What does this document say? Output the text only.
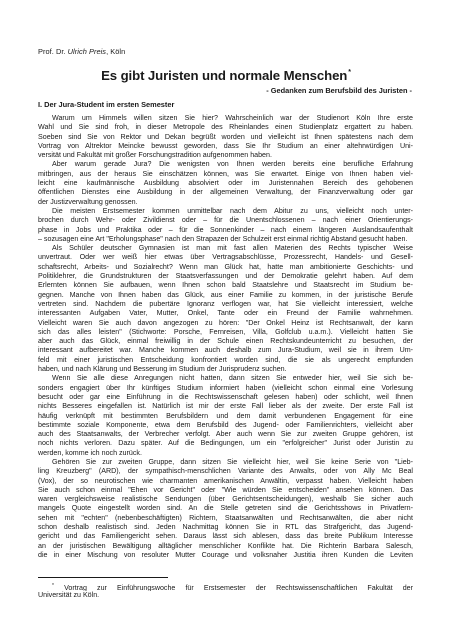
Prof. Dr. Ulrich Preis, Köln
Es gibt Juristen und normale Menschen*
- Gedanken zum Berufsbild des Juristen -
I. Der Jura-Student im ersten Semester
Warum um Himmels willen sitzen Sie hier? Wahrscheinlich war der Studienort Köln Ihre erste
Wahl und Sie sind froh, in dieser Metropole des Rheinlandes einen Studienplatz ergattert zu haben.
Soeben sind Sie von Rektor und Dekan begrüßt worden und vielleicht ist Ihnen spätestens nach dem
Vortrag von Altrektor Meincke bewusst geworden, dass Sie Ihr Studium an einer altehrwürdigen Uni-
versität und Fakultät mit großer Forschungstradition aufgenommen haben.
Aber warum gerade Jura? Die wenigsten von Ihnen werden bereits eine berufliche Erfahrung
mitbringen, aus der heraus Sie einschätzen können, was Sie erwartet. Einige von Ihnen haben viel-
leicht eine kaufmännische Ausbildung absolviert oder im Juristennahen Bereich des gehobenen
öffentlichen Dienstes eine Ausbildung in der allgemeinen Verwaltung, der Finanzverwaltung oder gar
der Justizverwaltung genossen.
Die meisten Erstsemester kommen unmittelbar nach dem Abitur zu uns, vielleicht noch unter-
brochen durch Wehr- oder Zivildienst oder – für die Unentschlossenen – nach einer Orientierungs-
phase in Jobs und Praktika oder – für die Sonnenkinder – nach einem längeren Auslandsaufenthalt
– sozusagen eine Art "Erholungsphase" nach den Strapazen der Schulzeit erst einmal richtig Abstand gesucht haben.
Als Schüler deutscher Gymnasien ist man mit fast allen Materien des Rechts typischer Weise
unvertraut. Oder wer weiß hier etwas über Vertragsabschlüsse, Prozessrecht, Handels- und Gesell-
schaftsrecht, Arbeits- und Sozialrecht? Wenn man Glück hat, hatte man ambitionierte Geschichts- und
Politiklehrer, die Grundstrukturen der Staatsverfassungen und der Demokratie gelehrt haben. Auf dem
Erlernten können Sie aufbauen, wenn Ihnen schon bald Staatslehre und Staatsrecht im Studium be-
gegnen. Manche von Ihnen haben das Glück, aus einer Familie zu kommen, in der juristische Berufe
vertreten sind. Nachdem die pubertäre Ignoranz verflogen war, hat Sie vielleicht interessiert, welche
interessanten Aufgaben Vater, Mutter, Onkel, Tante oder ein Freund der Familie wahrnehmen.
Vielleicht waren Sie auch davon angezogen zu hören: "Der Onkel Heinz ist Rechtsanwalt, der kann
sich das alles leisten" (Stichworte: Porsche, Fernreisen, Villa, Golfclub u.a.m.). Vielleicht hatten Sie
aber auch das Glück, einmal freiwillig in der Schule einen Rechtskundeunterricht zu besuchen, der
interessant aufbereitet war. Manche kommen auch deshalb zum Jura-Studium, weil sie in ihrem Um-
feld mit einer juristischen Entscheidung konfrontiert worden sind, die sie als ungerecht empfunden
haben, und nach Klärung und Besserung im Studium der Jurisprudenz suchen.
Wenn Sie alle diese Anregungen nicht hatten, dann sitzen Sie entweder hier, weil Sie sich be-
sonders engagiert über Ihr künftiges Studium informiert haben (vielleicht schon einmal eine Vorlesung
besucht oder gar eine Einführung in die Rechtswissenschaft gelesen haben) oder schlicht, weil Ihnen
nichts Besseres eingefallen ist. Natürlich ist mir der erste Fall lieber als der zweite. Der erste Fall ist
häufig verknüpft mit bestimmten Berufsbildern und dem damit verbundenen Engagement für eine
bestimmte soziale Komponente, etwa dem Berufsbild des Jugend- oder Familienrichters, vielleicht aber
auch des Staatsanwalts, der Verbrecher verfolgt. Aber auch wenn Sie zur zweiten Gruppe gehören, ist
noch nichts verloren. Dazu später. Auf die Bedingungen, um ein "erfolgreicher" Jurist oder Juristin zu
werden, komme ich noch zurück.
Gehören Sie zur zweiten Gruppe, dann sitzen Sie vielleicht hier, weil Sie keine Serie von "Lieb-
ling Kreuzberg" (ARD), der sympathisch-menschlichen Variante des Anwalts, oder von Ally Mc Beal
(Vox), der so neurotischen wie charmanten amerikanischen Anwältin, verpasst haben. Vielleicht haben
Sie auch schon einmal "Ehen vor Gericht" oder "Wie würden Sie entscheiden" ansehen können. Das
waren vergleichsweise realistische Sendungen (über Gerichtsentscheidungen), weshalb Sie sicher auch
mangels Quote eingestellt worden sind. An die Stelle getreten sind die Gerichtsshows in Privatfern-
sehen mit "echten" (nebenbeschäftigten) Richtern, Staatsanwälten und Rechtsanwälten, die aber nicht
schon deshalb realistisch sind. Jeden Nachmittag können Sie in RTL das Strafgericht, das Jugend-
gericht und das Familiengericht sehen. Daraus lässt sich ablesen, dass das breite Publikum Interesse
an der juristischen Bewältigung alltäglicher menschlicher Konflikte hat. Die Richterin Barbara Salesch,
die in einer Mischung von resoluter Mutter Courage und volksnaher Justitia ihren Kunden die Leviten
* Vortrag zur Einführungswoche für Erstsemester der Rechtswissenschaftlichen Fakultät der
Universität zu Köln.
